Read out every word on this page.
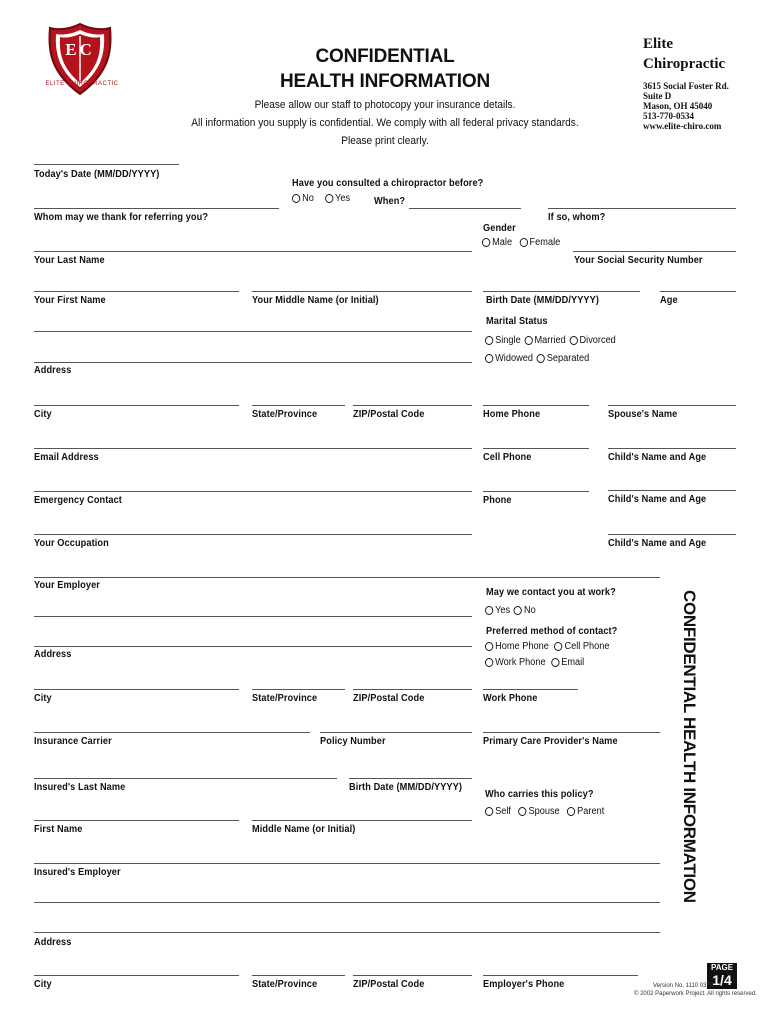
EC
ELITE CHIROPRACTIC
CONFIDENTIAL
HEALTH INFORMATION
Please allow our staff to photocopy your insurance details.
All information you supply is confidential. We comply with all federal privacy standards.
Please print clearly.
Elite
Chiropractic
3615 Social Foster Rd.
Suite D
Mason, OH 45040
513-770-0534
www.elite-chiro.com
Today's Date (MM/DD/YYYY)
Have you consulted a chiropractor before?
No Yes When?
Whom may we thank for referring you?	If so, whom?
Gender
Male Female
Your Last Name	Your Social Security Number
Your First Name	Your Middle Name (or Initial)	Birth Date (MM/DD/YYYY)	Age
Marital Status
Single Married Divorced
Widowed Separated
Address
City	State/Province	ZIP/Postal Code	Home Phone	Spouse's Name
Email Address	Cell Phone	Child's Name and Age
Emergency Contact	Phone	Child's Name and Age
Your Occupation	Child's Name and Age
Your Employer
May we contact you at work?
Yes No
Preferred method of contact?
Home Phone Cell Phone
Work Phone Email
Address
City	State/Province	ZIP/Postal Code	Work Phone
Insurance Carrier	Policy Number	Primary Care Provider's Name
Insured's Last Name	Birth Date (MM/DD/YYYY)
Who carries this policy?
Self Spouse Parent
First Name	Middle Name (or Initial)
Insured's Employer
Address
City	State/Province	ZIP/Postal Code	Employer's Phone
CONFIDENTIAL HEALTH INFORMATION
PAGE
1/4
Version No. 1110 0370
© 2002 Paperwork Project. All rights reserved.
